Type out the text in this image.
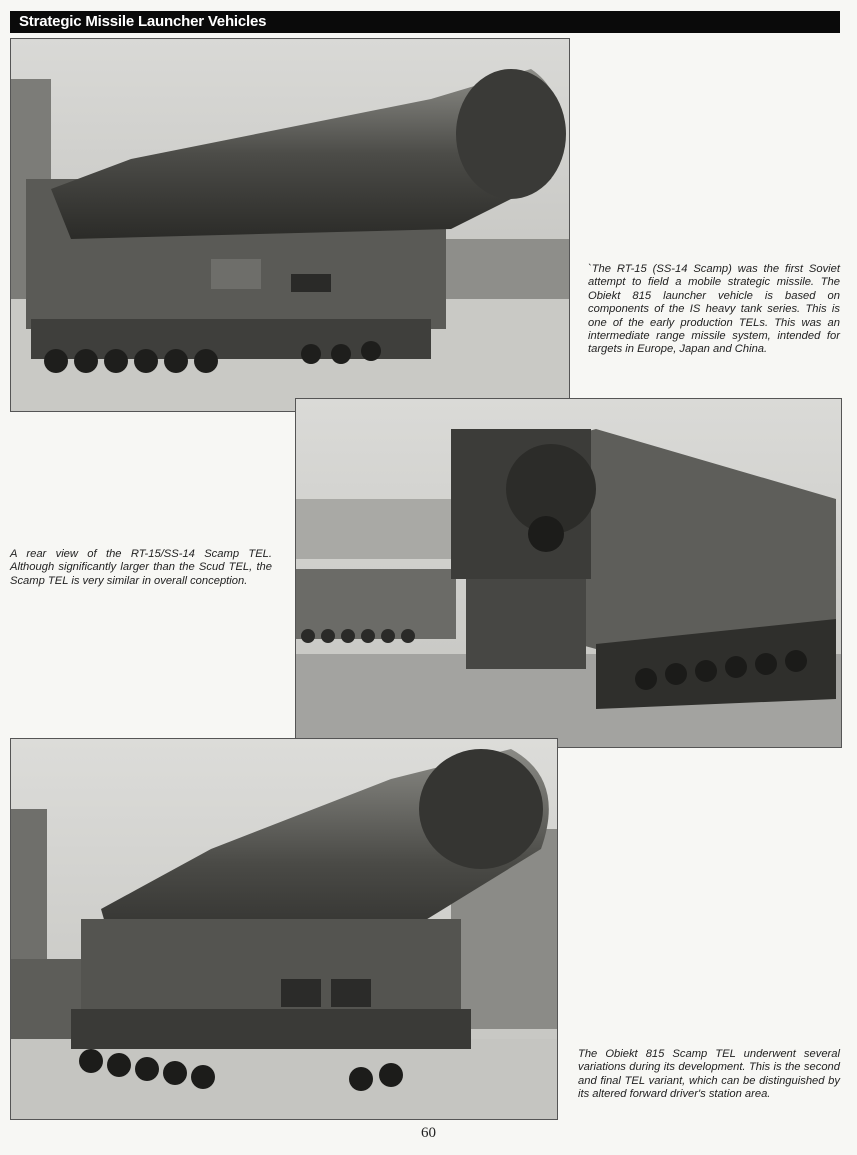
Strategic Missile Launcher Vehicles
`The RT-15 (SS-14 Scamp) was the first Soviet attempt to field a mobile strategic missile. The Obiekt 815 launcher vehicle is based on components of the IS heavy tank series. This is one of the early production TELs. This was an intermediate range missile system, intended for targets in Europe, Japan and China.
A rear view of the RT-15/SS-14 Scamp TEL. Although significantly larger than the Scud TEL, the Scamp TEL is very similar in overall conception.
The Obiekt 815 Scamp TEL underwent several variations during its development. This is the second and final TEL variant, which can be distinguished by its altered forward driver's station area.
60
